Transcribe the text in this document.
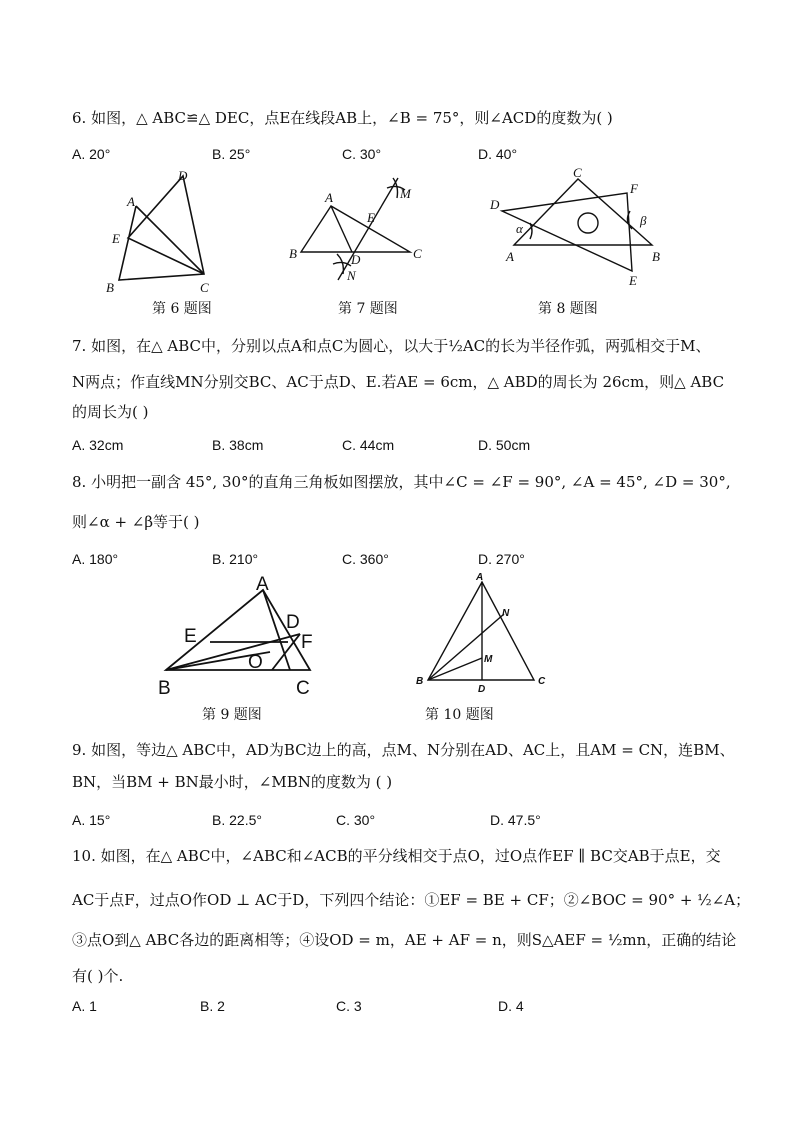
6. 如图，△ ABC≌△ DEC，点E在线段AB上，∠B = 75°，则∠ACD的度数为( )
A. 20°	B. 25°	C. 30°	D. 40°
A
B	C
D
E
A
B	C
D
E
M
N
A	B
C
D
E
F
α
β
第 6 题图	第 7 题图	第 8 题图
7. 如图，在△ ABC中，分别以点A和点C为圆心，以大于½AC的长为半径作弧，两弧相交于M、
N两点；作直线MN分别交BC、AC于点D、E.若AE = 6cm，△ ABD的周长为 26cm，则△ ABC
的周长为( )
A. 32cm	B. 38cm	C. 44cm	D. 50cm
8. 小明把一副含 45°, 30°的直角三角板如图摆放，其中∠C = ∠F = 90°, ∠A = 45°, ∠D = 30°,
则∠α + ∠β等于( )
A. 180°	B. 210°	C. 360°	D. 270°
A
B	C
D
E	F
O
A
B	C
D
M
N
第 9 题图	第 10 题图
9. 如图，等边△ ABC中，AD为BC边上的高，点M、N分别在AD、AC上，且AM = CN，连BM、
BN，当BM + BN最小时，∠MBN的度数为 ( )
A. 15°	B. 22.5°	C. 30°	D. 47.5°
10. 如图，在△ ABC中，∠ABC和∠ACB的平分线相交于点O，过O点作EF ∥ BC交AB于点E，交
AC于点F，过点O作OD ⊥ AC于D，下列四个结论：①EF = BE + CF；②∠BOC = 90° + ½∠A；
③点O到△ ABC各边的距离相等；④设OD = m，AE + AF = n，则S△AEF = ½mn，正确的结论
有( )个.
A. 1	B. 2	C. 3	D. 4
